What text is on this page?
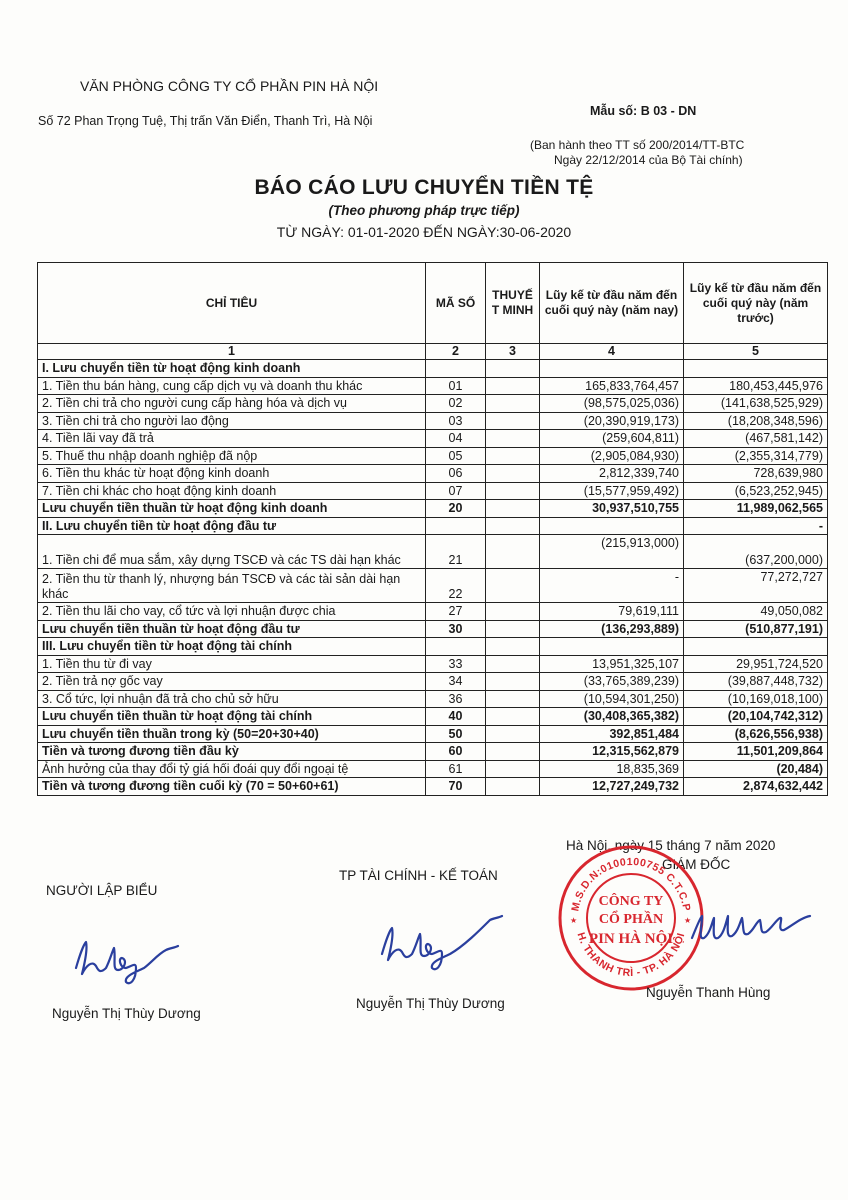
VĂN PHÒNG CÔNG TY CỔ PHẦN PIN HÀ NỘI
Số 72 Phan Trọng Tuệ, Thị trấn Văn Điển, Thanh Trì, Hà Nội
Mẫu số: B 03 - DN
(Ban hành theo TT số 200/2014/TT-BTC
Ngày 22/12/2014 của Bộ Tài chính)
BÁO CÁO LƯU CHUYỂN TIỀN TỆ
(Theo phương pháp trực tiếp)
TỪ NGÀY: 01-01-2020 ĐẾN NGÀY:30-06-2020
CHỈ TIÊU	MÃ SỐ	THUYẾ T MINH	Lũy kế từ đầu năm đến cuối quý này (năm nay)	Lũy kế từ đầu năm đến cuối quý này (năm trước)
1	2	3	4	5
I. Lưu chuyển tiền từ hoạt động kinh doanh				
1. Tiền thu bán hàng, cung cấp dịch vụ và doanh thu khác	01		165,833,764,457	180,453,445,976
2. Tiền chi trả cho người cung cấp hàng hóa và dịch vụ	02		(98,575,025,036)	(141,638,525,929)
3. Tiền chi trả cho người lao động	03		(20,390,919,173)	(18,208,348,596)
4. Tiền lãi vay đã trả	04		(259,604,811)	(467,581,142)
5. Thuế thu nhập doanh nghiệp đã nộp	05		(2,905,084,930)	(2,355,314,779)
6. Tiền thu khác từ hoạt động kinh doanh	06		2,812,339,740	728,639,980
7. Tiền chi khác cho hoạt động kinh doanh	07		(15,577,959,492)	(6,523,252,945)
Lưu chuyển tiền thuần từ hoạt động kinh doanh	20		30,937,510,755	11,989,062,565
II. Lưu chuyển tiền từ hoạt động đầu tư				-
1. Tiền chi để mua sắm, xây dựng TSCĐ và các TS dài hạn khác	21		(215,913,000)	(637,200,000)
2. Tiền thu từ thanh lý, nhượng bán TSCĐ và các tài sản dài hạn khác	22		-	77,272,727
2. Tiền thu lãi cho vay, cổ tức và lợi nhuận được chia	27		79,619,111	49,050,082
Lưu chuyển tiền thuần từ hoạt động đầu tư	30		(136,293,889)	(510,877,191)
III. Lưu chuyển tiền từ hoạt động tài chính				
1. Tiền thu từ đi vay	33		13,951,325,107	29,951,724,520
2. Tiền trả nợ gốc vay	34		(33,765,389,239)	(39,887,448,732)
3. Cổ tức, lợi nhuận đã trả cho chủ sở hữu	36		(10,594,301,250)	(10,169,018,100)
Lưu chuyển tiền thuần từ hoạt động tài chính	40		(30,408,365,382)	(20,104,742,312)
Lưu chuyển tiền thuần trong kỳ (50=20+30+40)	50		392,851,484	(8,626,556,938)
Tiền và tương đương tiền đầu kỳ	60		12,315,562,879	11,501,209,864
Ảnh hưởng của thay đổi tỷ giá hối đoái quy đổi ngoại tệ	61		18,835,369	(20,484)
Tiền và tương đương tiền cuối kỳ (70 = 50+60+61)	70		12,727,249,732	2,874,632,442
Hà Nội, ngày 15 tháng 7 năm 2020
NGƯỜI LẬP BIỂU
TP TÀI CHÍNH - KẾ TOÁN
GIÁM ĐỐC
M.S.D.N:0100100755 C.T.C.P
H. THANH TRÌ - TP. HÀ NỘI
CÔNG TY
CỔ PHẦN
PIN HÀ NỘI
★	★
Nguyễn Thị Thùy Dương
Nguyễn Thị Thùy Dương
Nguyễn Thanh Hùng
